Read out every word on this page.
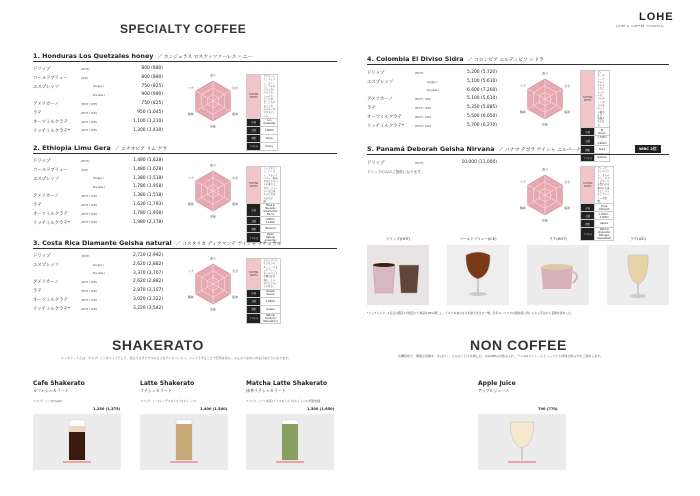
SPECIALTY COFFEE
LOHE
LOHE & COFFEE COCKTAIL
1. Honduras Los Quetzales honey ／ ホンジュラス ロスケッツァーレス ハニー
ドリップ	(HOT)	800 (880)
コールドブリュー	(ICE)	800 (880)
エスプレッソ	Single /	750 (825)
Double /	900 (990)
アメリカーノ	(HOT / ICE)	750 (825)
ラテ	(HOT / ICE)	950 (1,045)
オーツミルクラテ	(HOT / ICE)	1,100 (1,210)
リッチミルクラテ*	(HOT / ICE)	1,300 (1,430)
香り
甘さ
後味
苦味
酸味
コク
TASTING NOTES	アプリコット、チェリー、オレンジ、ブラウンシュガーのようなしっかりとした甘さ、とろけるようなシルキーなマウスフィール。
産地	Los Quetzales
品種	1,800m
精製	Pacas
プロセス	Honey
2. Ethiopia Limu Gera ／ エチオピア リム ゲラ
ドリップ	(HOT)	1,480 (1,628)
コールドブリュー	(ICE)	1,480 (1,628)
エスプレッソ	Single /	1,380 (1,518)
Double /	1,780 (1,958)
アメリカーノ	(HOT / ICE)	1,380 (1,518)
ラテ	(HOT / ICE)	1,630 (1,793)
オーツミルクラテ	(HOT / ICE)	1,780 (1,958)
リッチミルクラテ*	(HOT / ICE)	1,980 (2,178)
香り
甘さ
後味
苦味
酸味
コク
TASTING NOTES	レッドワイン、レーズン、ブラックベリー、熟成させたフルーツの香りと甘さ、ジューシーな口当たりとなめらかな余韻。
産地	Mera & Nensebo Smallholder Farms
品種	1,900m - 2,100m
精製	Heirloom
プロセス	Hikari Natural Anaerobic
3. Costa Rica Diamante Geisha natural ／ コスタリカ ディアマンテ ゲイシャ ナチュラル
ドリップ	(HOT)	2,720 (2,992)
エスプレッソ	Single /	2,620 (2,882)
Double /	3,370 (3,707)
アメリカーノ	(HOT / ICE)	2,620 (2,882)
ラテ	(HOT / ICE)	2,870 (3,157)
オーツミルクラテ	(HOT / ICE)	3,020 (3,322)
リッチミルクラテ*	(HOT / ICE)	3,220 (3,542)
香り
甘さ
後味
苦味
酸味
コク	TASTING NOTES	シャンパンのようなジャスミン、ブラックティー、ピーチのような華やかな香り、トロピカルフルーツの甘さ。
産地	Rosalia Rivera
品種	1,800m
精製	Geisha
プロセス	Natural (Carbonic Maceration)
4. Colombia El Diviso Sidra ／ コロンビア エルディビソ シドラ
ドリップ	(HOT)	5,200 (5,720)
エスプレッソ	Single /	5,100 (5,610)
Double /	6,600 (7,260)
アメリカーノ	(HOT / ICE)	5,100 (5,610)
ラテ	(HOT / ICE)	5,350 (5,885)
オーツミルクラテ	(HOT / ICE)	5,500 (6,050)
リッチミルクラテ*	(HOT / ICE)	5,700 (6,270)
香り
甘さ
後味
苦味
酸味
コク
TASTING NOTES	ピーチ、グレープフルーツのようなジューシーさ、ジャスミンやベルガモットの華やかさ、洗練された甘さ。
産地	El Diviso
品種	1,700m - 1,900m
精製	Sidra
プロセス	Natural
5. Panamá Deborah Geisha Nirvana ／ パナマ デボラ ゲイシャ ニルバーナ	WBC 2位
ドリップ	(HOT)	10,000 (11,000)
ドリップのみのご提供になります。
香り
甘さ
後味
苦味
酸味
コク	TASTING NOTES	グレープ、ストロベリー、ラズベリー、フランボワーズを思わせる華やかな香りと、リッチでクリーミーな質感。
産地	Finca Deborah
品種	1,900m - 2,000m
精製	Geisha
プロセス	Natural (Anaerobic Nitrogen Macerated)
ドリップ(HOT)	コールドブリュー(ICE)	ラテ(HOT)	ラテ(ICE)
*リッチミルク…1日豆の限定1日数量にて単品を30%増しし、ミルク本来の甘さを最大化させ一層、近年のバリスタの競技等に用いられる手法から着想を得ました。
SHAKERATO
シェカラートとは：エスプレッソをシェイクして、泡立てるカクテルのようなアイスコーヒー。シェイクすることで空気を含み、ふんわりなめらかな口あたりになります。
Cafe Shakerato
カフェシェカラート
エスプレッソ(Single)
1,250 (1,375)
Latte Shakerato
ラテシェカラート
エスプレッソ(シングル)(ミルク(ホイップ)
1,400 (1,540)
Matcha Latte Shakerato
抹茶ラテシェカラート
エスプレッソ/ 抹茶(アイス)(ミルク(ホイップ)/季節柑橘
1,500 (1,650)
NON COFFEE
有機栽培で、健康な食事を、をはやく、とはやく日々を楽しむ、のLOHEのお飲み入れ、ランの&ストレートジュースとも特別な飲み方をご提供します。
Apple Juice
アップルジュース
700 (770)
